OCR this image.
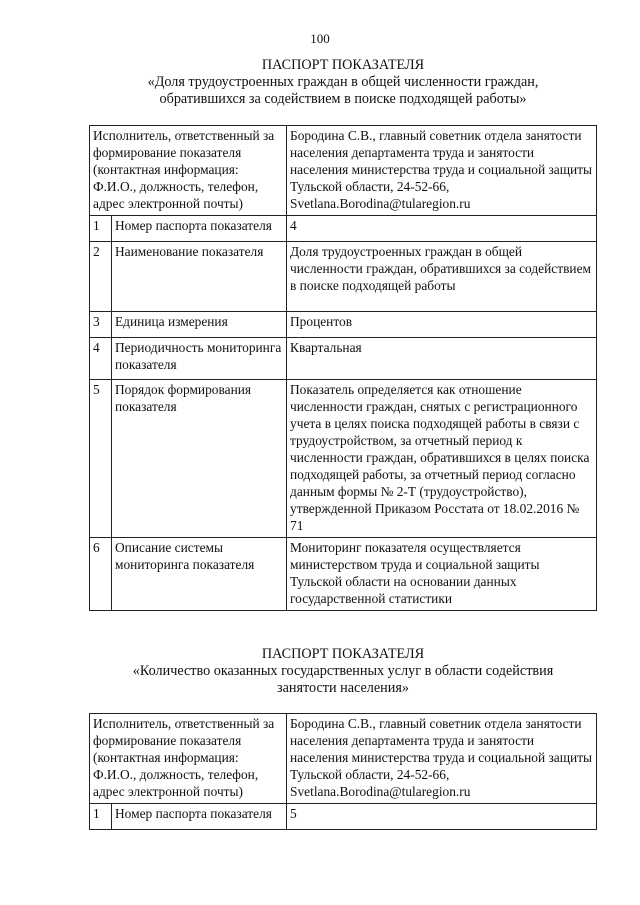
100
ПАСПОРТ ПОКАЗАТЕЛЯ
«Доля трудоустроенных граждан в общей численности граждан,
обратившихся за содействием в поиске подходящей работы»
Исполнитель, ответственный за формирование показателя (контактная информация: Ф.И.О., должность, телефон, адрес электронной почты)		Бородина С.В., главный советник отдела занятости населения департамента труда и занятости населения министерства труда и социальной защиты Тульской области, 24-52-66, Svetlana.Borodina@tularegion.ru
1	Номер паспорта показателя	4
2	Наименование показателя	Доля трудоустроенных граждан в общей численности граждан, обратившихся за содействием в поиске подходящей работы
3	Единица измерения	Процентов
4	Периодичность мониторинга показателя	Квартальная
5	Порядок формирования показателя	Показатель определяется как отношение численности граждан, снятых с регистрационного учета в целях поиска подходящей работы в связи с трудоустройством, за отчетный период к численности граждан, обратившихся в целях поиска подходящей работы, за отчетный период согласно данным формы № 2-Т (трудоустройство), утвержденной Приказом Росстата от 18.02.2016 № 71
6	Описание системы мониторинга показателя	Мониторинг показателя осуществляется министерством труда и социальной защиты Тульской области на основании данных государственной статистики
ПАСПОРТ ПОКАЗАТЕЛЯ
«Количество оказанных государственных услуг в области содействия
занятости населения»
Исполнитель, ответственный за формирование показателя (контактная информация: Ф.И.О., должность, телефон, адрес электронной почты)		Бородина С.В., главный советник отдела занятости населения департамента труда и занятости населения министерства труда и социальной защиты Тульской области, 24-52-66, Svetlana.Borodina@tularegion.ru
1	Номер паспорта показателя	5
